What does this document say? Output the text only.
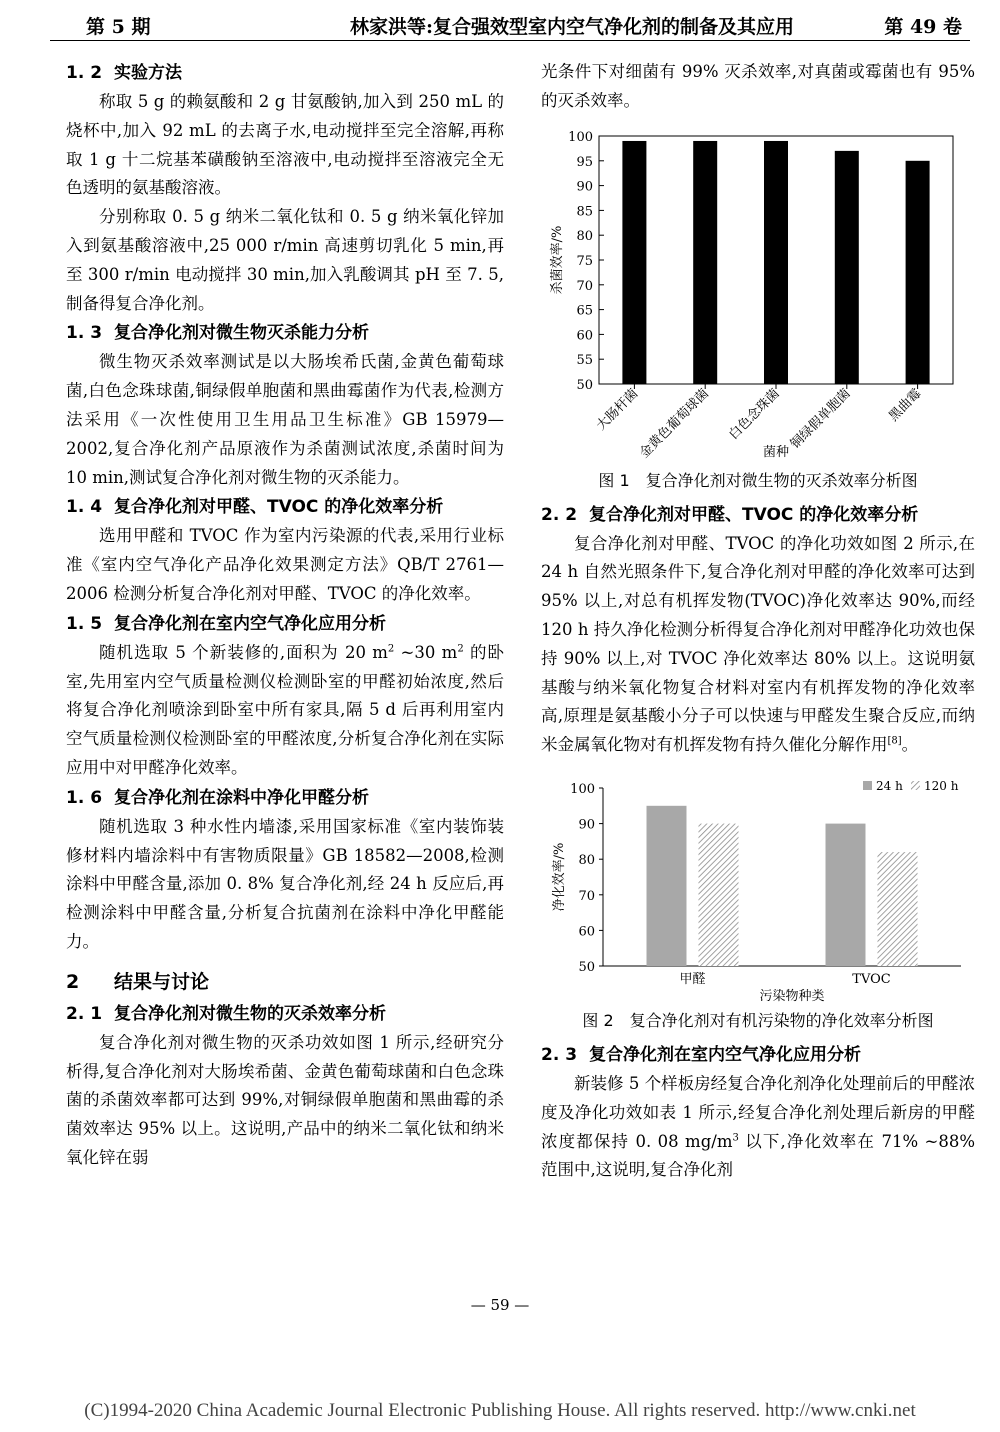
第 5 期	林家洪等:复合强效型室内空气净化剂的制备及其应用	第 49 卷
1. 2 实验方法

称取 5 g 的赖氨酸和 2 g 甘氨酸钠,加入到 250 mL 的烧杯中,加入 92 mL 的去离子水,电动搅拌至完全溶解,再称取 1 g 十二烷基苯磺酸钠至溶液中,电动搅拌至溶液完全无色透明的氨基酸溶液。

分别称取 0. 5 g 纳米二氧化钛和 0. 5 g 纳米氧化锌加入到氨基酸溶液中,25 000 r/min 高速剪切乳化 5 min,再至 300 r/min 电动搅拌 30 min,加入乳酸调其 pH 至 7. 5,制备得复合净化剂。

1. 3 复合净化剂对微生物灭杀能力分析

微生物灭杀效率测试是以大肠埃希氏菌,金黄色葡萄球菌,白色念珠球菌,铜绿假单胞菌和黑曲霉菌作为代表,检测方法采用《一次性使用卫生用品卫生标准》GB 15979—2002,复合净化剂产品原液作为杀菌测试浓度,杀菌时间为 10 min,测试复合净化剂对微生物的灭杀能力。

1. 4 复合净化剂对甲醛、TVOC 的净化效率分析

选用甲醛和 TVOC 作为室内污染源的代表,采用行业标准《室内空气净化产品净化效果测定方法》QB/T 2761—2006 检测分析复合净化剂对甲醛、TVOC 的净化效率。

1. 5 复合净化剂在室内空气净化应用分析

随机选取 5 个新装修的,面积为 20 $m^2$ ~30 $m^2$ 的卧室,先用室内空气质量检测仪检测卧室的甲醛初始浓度,然后将复合净化剂喷涂到卧室中所有家具,隔 5 d 后再利用室内空气质量检测仪检测卧室的甲醛浓度,分析复合净化剂在实际应用中对甲醛净化效率。

1. 6 复合净化剂在涂料中净化甲醛分析

随机选取 3 种水性内墙漆,采用国家标准《室内装饰装修材料内墙涂料中有害物质限量》GB 18582—2008,检测涂料中甲醛含量,添加 0. 8% 复合净化剂,经 24 h 反应后,再检测涂料中甲醛含量,分析复合抗菌剂在涂料中净化甲醛能力。

2 结果与讨论
2. 1 复合净化剂对微生物的灭杀效率分析

复合净化剂对微生物的灭杀功效如图 1 所示,经研究分析得,复合净化剂对大肠埃希菌、金黄色葡萄球菌和白色念珠菌的杀菌效率都可达到 99%,对铜绿假单胞菌和黑曲霉的杀菌效率达 95% 以上。这说明,产品中的纳米二氧化钛和纳米氧化锌在弱

光条件下对细菌有 99% 灭杀效率,对真菌或霉菌也有 95% 的灭杀效率。

50
55
60
65
70
75
80
85
90
95
100
大肠杆菌
金黄色葡萄球菌 白色念珠菌 铜绿假单胞菌	黑曲霉
菌种
杀菌效率/%
图 1　复合净化剂对微生物的灭杀效率分析图
2. 2 复合净化剂对甲醛、TVOC 的净化效率分析

复合净化剂对甲醛、TVOC 的净化功效如图 2 所示,在 24 h 自然光照条件下,复合净化剂对甲醛的净化效率可达到 95% 以上,对总有机挥发物(TVOC)净化效率达 90%,而经 120 h 持久净化检测分析得复合净化剂对甲醛净化功效也保持 90% 以上,对 TVOC 净化效率达 80% 以上。这说明氨基酸与纳米氧化物复合材料对室内有机挥发物的净化效率高,原理是氨基酸小分子可以快速与甲醛发生聚合反应,而纳米金属氧化物对有机挥发物有持久催化分解作用[8]。

50
60
70
80
90
100
甲醛	TVOC
污染物种类
净化效率/%
24 h 120 h
图 2　复合净化剂对有机污染物的净化效率分析图
2. 3 复合净化剂在室内空气净化应用分析

新装修 5 个样板房经复合净化剂净化处理前后的甲醛浓度及净化功效如表 1 所示,经复合净化剂处理后新房的甲醛浓度都保持 0. 08 $mg/m^3$ 以下,净化效率在 71% ~88% 范围中,这说明,复合净化剂

— 59 —
(C)1994-2020 China Academic Journal Electronic Publishing House. All rights reserved. http://www.cnki.net
